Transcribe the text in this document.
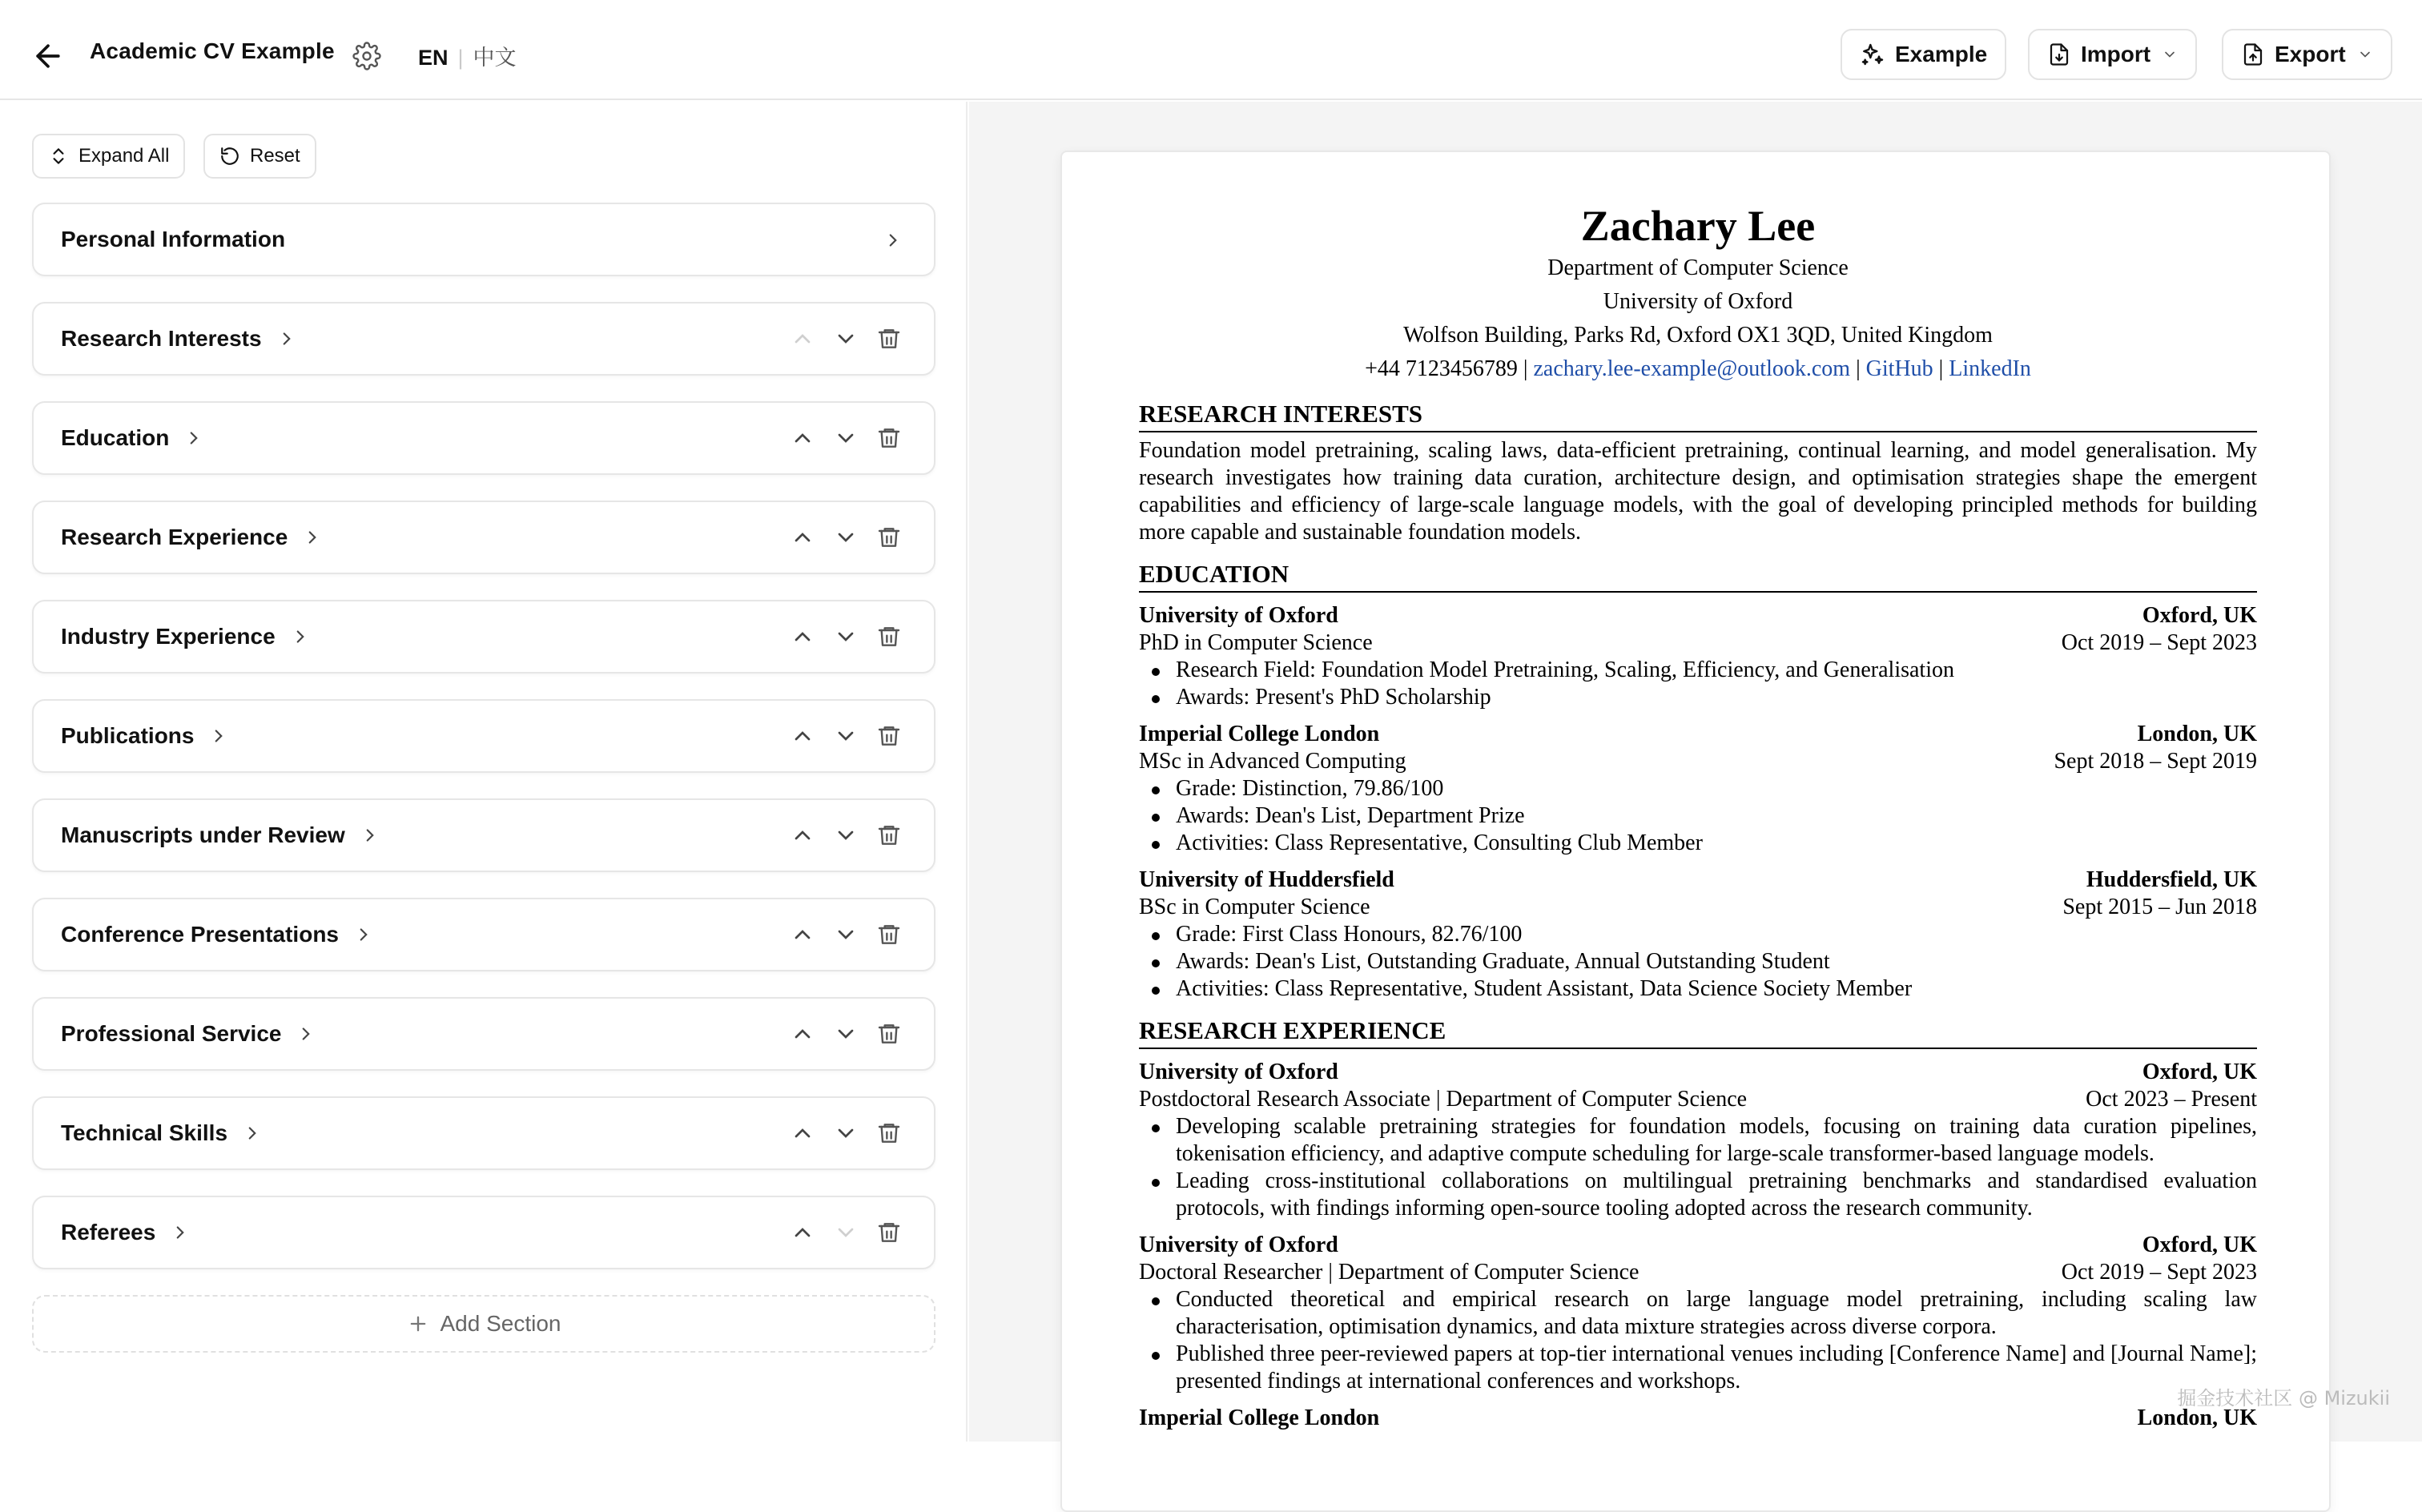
Academic CV Example	EN | 中文	Example	Import	Export
Expand All	Reset
Personal Information
Research Interests
Education
Research Experience
Industry Experience
Publications
Manuscripts under Review
Conference Presentations
Professional Service
Technical Skills
Referees
Add Section
Zachary Lee
Department of Computer Science
University of Oxford
Wolfson Building, Parks Rd, Oxford OX1 3QD, United Kingdom
+44 7123456789 | zachary.lee-example@outlook.com | GitHub | LinkedIn
RESEARCH INTERESTS
Foundation model pretraining, scaling laws, data-efficient pretraining, continual learning, and model generalisation. My research investigates how training data curation, architecture design, and optimisation strategies shape the emergent capabilities and efficiency of large-scale language models, with the goal of developing principled methods for building more capable and sustainable foundation models.
EDUCATION
University of Oxford	Oxford, UK
PhD in Computer Science	Oct 2019 – Sept 2023
Research Field: Foundation Model Pretraining, Scaling, Efficiency, and Generalisation
Awards: Present's PhD Scholarship
Imperial College London	London, UK
MSc in Advanced Computing	Sept 2018 – Sept 2019
Grade: Distinction, 79.86/100
Awards: Dean's List, Department Prize
Activities: Class Representative, Consulting Club Member
University of Huddersfield	Huddersfield, UK
BSc in Computer Science	Sept 2015 – Jun 2018
Grade: First Class Honours, 82.76/100
Awards: Dean's List, Outstanding Graduate, Annual Outstanding Student
Activities: Class Representative, Student Assistant, Data Science Society Member
RESEARCH EXPERIENCE
University of Oxford	Oxford, UK
Postdoctoral Research Associate | Department of Computer Science	Oct 2023 – Present
Developing scalable pretraining strategies for foundation models, focusing on training data curation pipelines, tokenisation efficiency, and adaptive compute scheduling for large-scale transformer-based language models.
Leading cross-institutional collaborations on multilingual pretraining benchmarks and standardised evaluation protocols, with findings informing open-source tooling adopted across the research community.
University of Oxford	Oxford, UK
Doctoral Researcher | Department of Computer Science	Oct 2019 – Sept 2023
Conducted theoretical and empirical research on large language model pretraining, including scaling law characterisation, optimisation dynamics, and data mixture strategies across diverse corpora.
Published three peer-reviewed papers at top-tier international venues including [Conference Name] and [Journal Name]; presented findings at international conferences and workshops.
Imperial College London	London, UK
掘金技术社区 @ Mizukii
